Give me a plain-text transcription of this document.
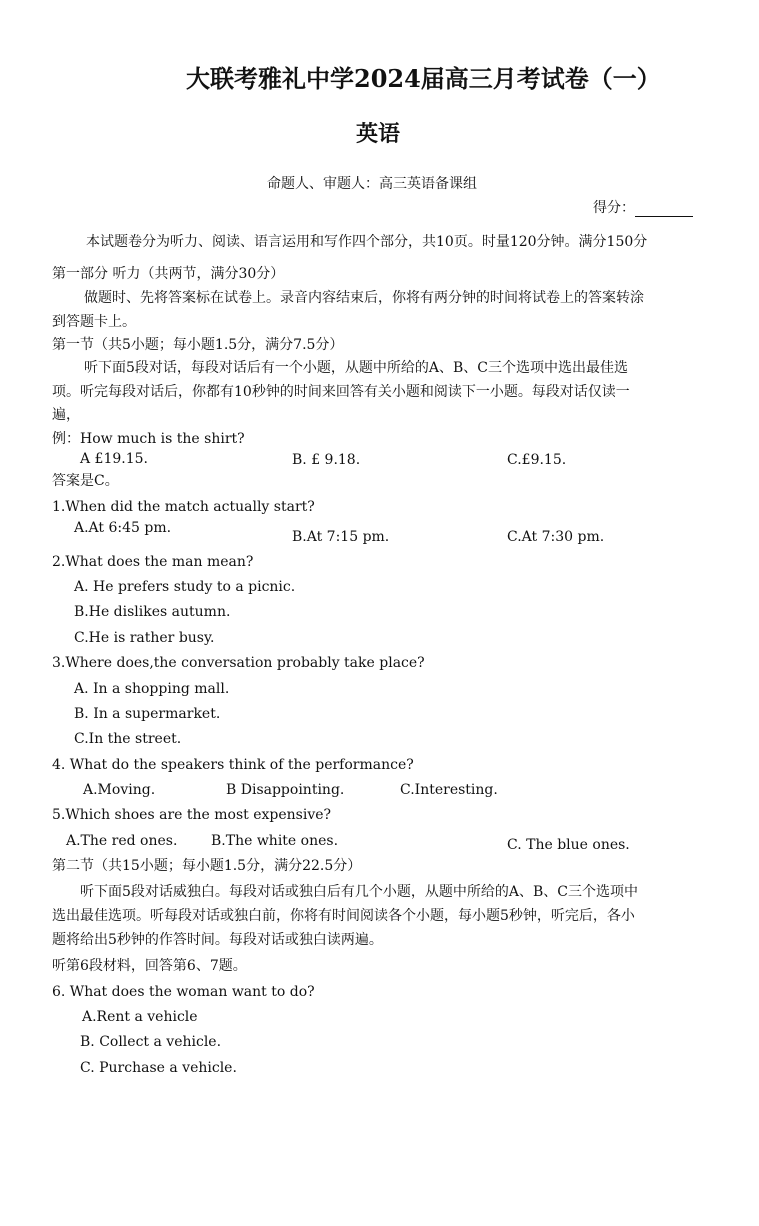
大联考雅礼中学2024届高三月考试卷（一）
英语
命题人、审题人：高三英语备课组
得分：
本试题卷分为听力、阅读、语言运用和写作四个部分，共10页。时量120分钟。满分150分
第一部分 听力（共两节，满分30分）
做题时、先将答案标在试卷上。录音内容结束后，你将有两分钟的时间将试卷上的答案转涂
到答题卡上。
第一节（共5小题；每小题1.5分，满分7.5分）
听下面5段对话，每段对话后有一个小题，从题中所给的A、B、C三个选项中选出最佳选
项。听完每段对话后，你都有10秒钟的时间来回答有关小题和阅读下一小题。每段对话仅读一
遍，
例：How much is the shirt?
A £19.15.	B. £ 9.18.	C.£9.15.
答案是C。
1.When did the match actually start?
A.At 6:45 pm.
B.At 7:15 pm.	C.At 7:30 pm.
2.What does the man mean?
A. He prefers study to a picnic.
B.He dislikes autumn.
C.He is rather busy.
3.Where does,the conversation probably take place?
A. In a shopping mall.
B. In a supermarket.
C.In the street.
4. What do the speakers think of the performance?
A.Moving.	B Disappointing.	C.Interesting.
5.Which shoes are the most expensive?
A.The red ones. B.The white ones.	C. The blue ones.
第二节（共15小题；每小题1.5分，满分22.5分）
听下面5段对话威独白。每段对话或独白后有几个小题，从题中所给的A、B、C三个选项中
选出最佳选项。听每段对话或独白前，你将有时间阅读各个小题，每小题5秒钟，听完后，各小
题将给出5秒钟的作答时间。每段对话或独白读两遍。
听第6段材料，回答第6、7题。
6. What does the woman want to do?
A.Rent a vehicle
B. Collect a vehicle.
C. Purchase a vehicle.
